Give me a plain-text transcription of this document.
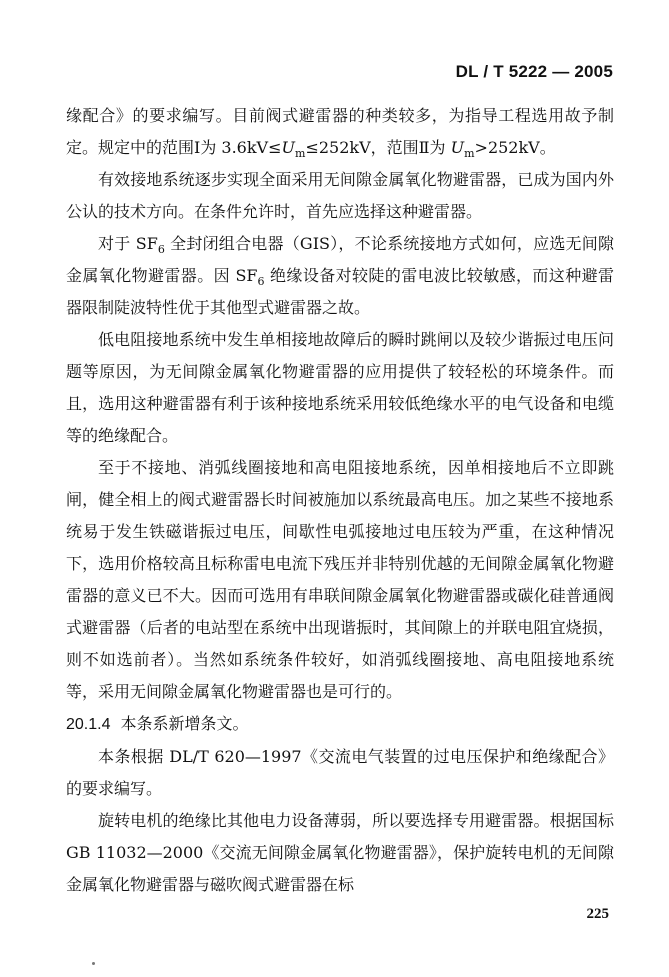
DL / T 5222 — 2005

缘配合》的要求编写。目前阀式避雷器的种类较多，为指导工程选用故予制定。规定中的范围Ⅰ为 $3.6kV\le U_m\le 252kV$，范围Ⅱ为 $U_m>252kV$。

有效接地系统逐步实现全面采用无间隙金属氧化物避雷器，已成为国内外公认的技术方向。在条件允许时，首先应选择这种避雷器。

对于 $SF_6$ 全封闭组合电器（GIS），不论系统接地方式如何，应选无间隙金属氧化物避雷器。因 $SF_6$ 绝缘设备对较陡的雷电波比较敏感，而这种避雷器限制陡波特性优于其他型式避雷器之故。

低电阻接地系统中发生单相接地故障后的瞬时跳闸以及较少谐振过电压问题等原因，为无间隙金属氧化物避雷器的应用提供了较轻松的环境条件。而且，选用这种避雷器有利于该种接地系统采用较低绝缘水平的电气设备和电缆等的绝缘配合。

至于不接地、消弧线圈接地和高电阻接地系统，因单相接地后不立即跳闸，健全相上的阀式避雷器长时间被施加以系统最高电压。加之某些不接地系统易于发生铁磁谐振过电压，间歇性电弧接地过电压较为严重，在这种情况下，选用价格较高且标称雷电电流下残压并非特别优越的无间隙金属氧化物避雷器的意义已不大。因而可选用有串联间隙金属氧化物避雷器或碳化硅普通阀式避雷器（后者的电站型在系统中出现谐振时，其间隙上的并联电阻宜烧损，则不如选前者）。当然如系统条件较好，如消弧线圈接地、高电阻接地系统等，采用无间隙金属氧化物避雷器也是可行的。

20.1.4 本条系新增条文。

本条根据 DL/T 620—1997《交流电气装置的过电压保护和绝缘配合》的要求编写。

旋转电机的绝缘比其他电力设备薄弱，所以要选择专用避雷器。根据国标 GB 11032—2000《交流无间隙金属氧化物避雷器》，保护旋转电机的无间隙金属氧化物避雷器与磁吹阀式避雷器在标

225
